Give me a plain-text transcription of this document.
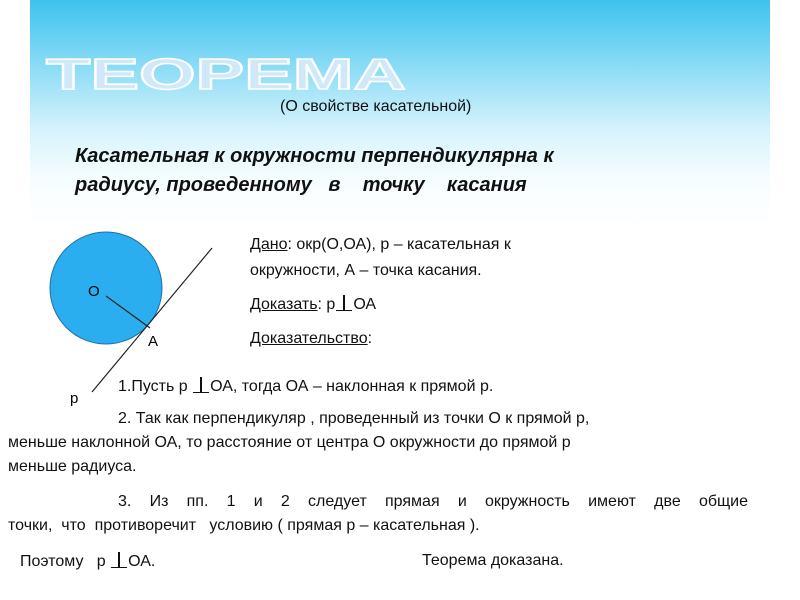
ТЕОРЕМА
(О свойстве касательной)
Касательная к окружности перпендикулярна к
радиусу, проведенному   в    точку    касания
О
А
р
Дано: окр(О,ОА), р – касательная к
окружности, А – точка касания.
Доказать: р ОА
Доказательство:
1.Пусть р ОА, тогда ОА – наклонная к прямой р.
2. Так как перпендикуляр , проведенный из точки О к прямой р,
меньше наклонной ОА, то расстояние от центра О окружности до прямой р
меньше радиуса.
3. Из пп. 1 и 2 следует прямая и окружность имеют две общие
точки,  что  противоречит   условию ( прямая р – касательная ).
Поэтому   р ОА.	Теорема доказана.
